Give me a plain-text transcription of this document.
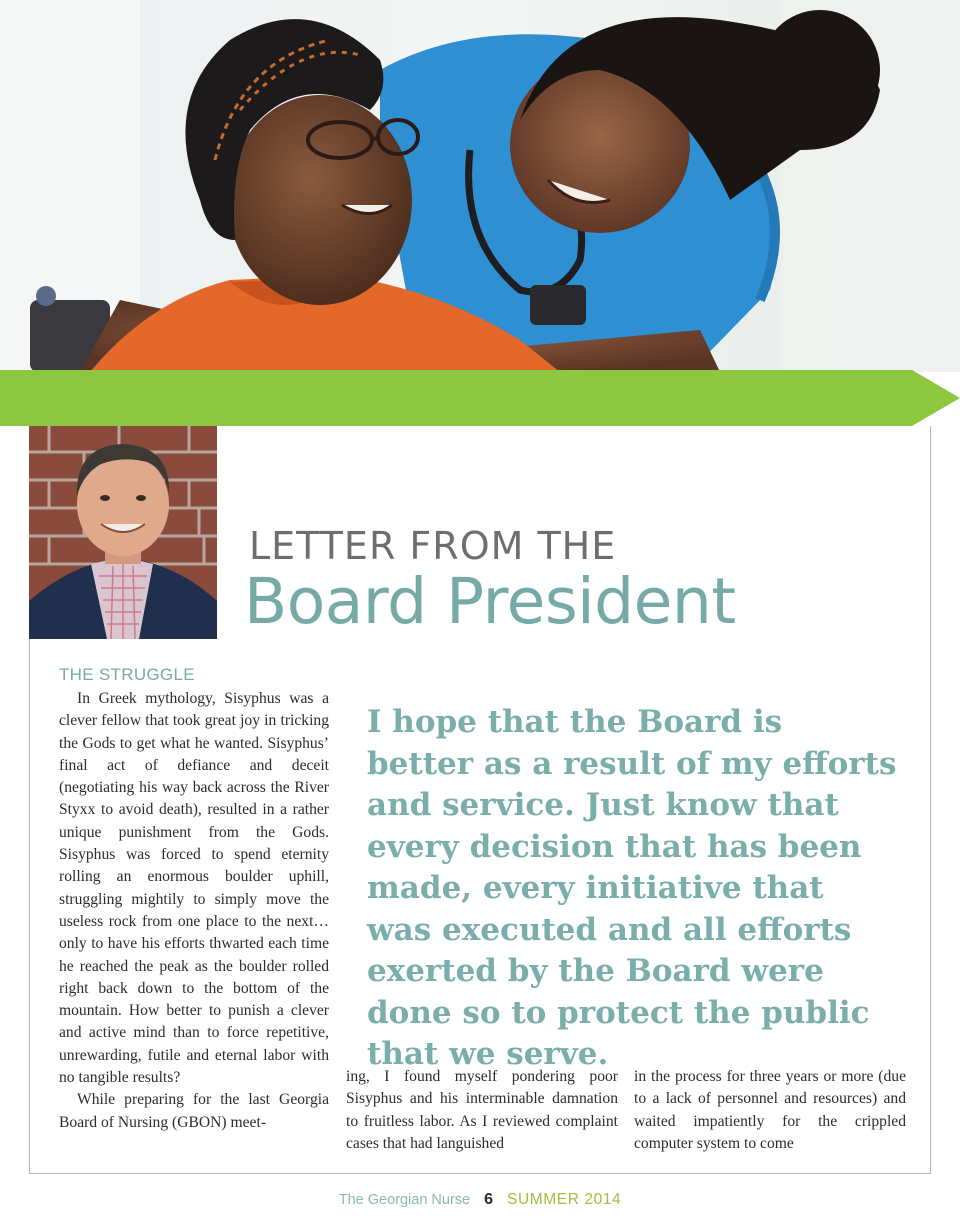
LETTER FROM THE
Board President
THE STRUGGLE

In Greek mythology, Sisyphus was a clever fellow that took great joy in tricking the Gods to get what he wanted. Sisyphus’ final act of defiance and deceit (negotiating his way back across the River Styxx to avoid death), resulted in a rather unique punishment from the Gods. Sisyphus was forced to spend eternity rolling an enormous boulder uphill, struggling mightily to simply move the useless rock from one place to the next…only to have his efforts thwarted each time he reached the peak as the boulder rolled right back down to the bottom of the mountain. How better to punish a clever and active mind than to force repetitive, unrewarding, futile and eternal labor with no tangible results?

While preparing for the last Georgia Board of Nursing (GBON) meet-

I hope that the Board is better as a result of my efforts and service. Just know that every decision that has been made, every initiative that was executed and all efforts exerted by the Board were done so to protect the public that we serve.

ing, I found myself pondering poor Sisyphus and his interminable damnation to fruitless labor. As I reviewed complaint cases that had languished

in the process for three years or more (due to a lack of personnel and resources) and waited impatiently for the crippled computer system to come

The Georgian Nurse 6 SUMMER 2014
